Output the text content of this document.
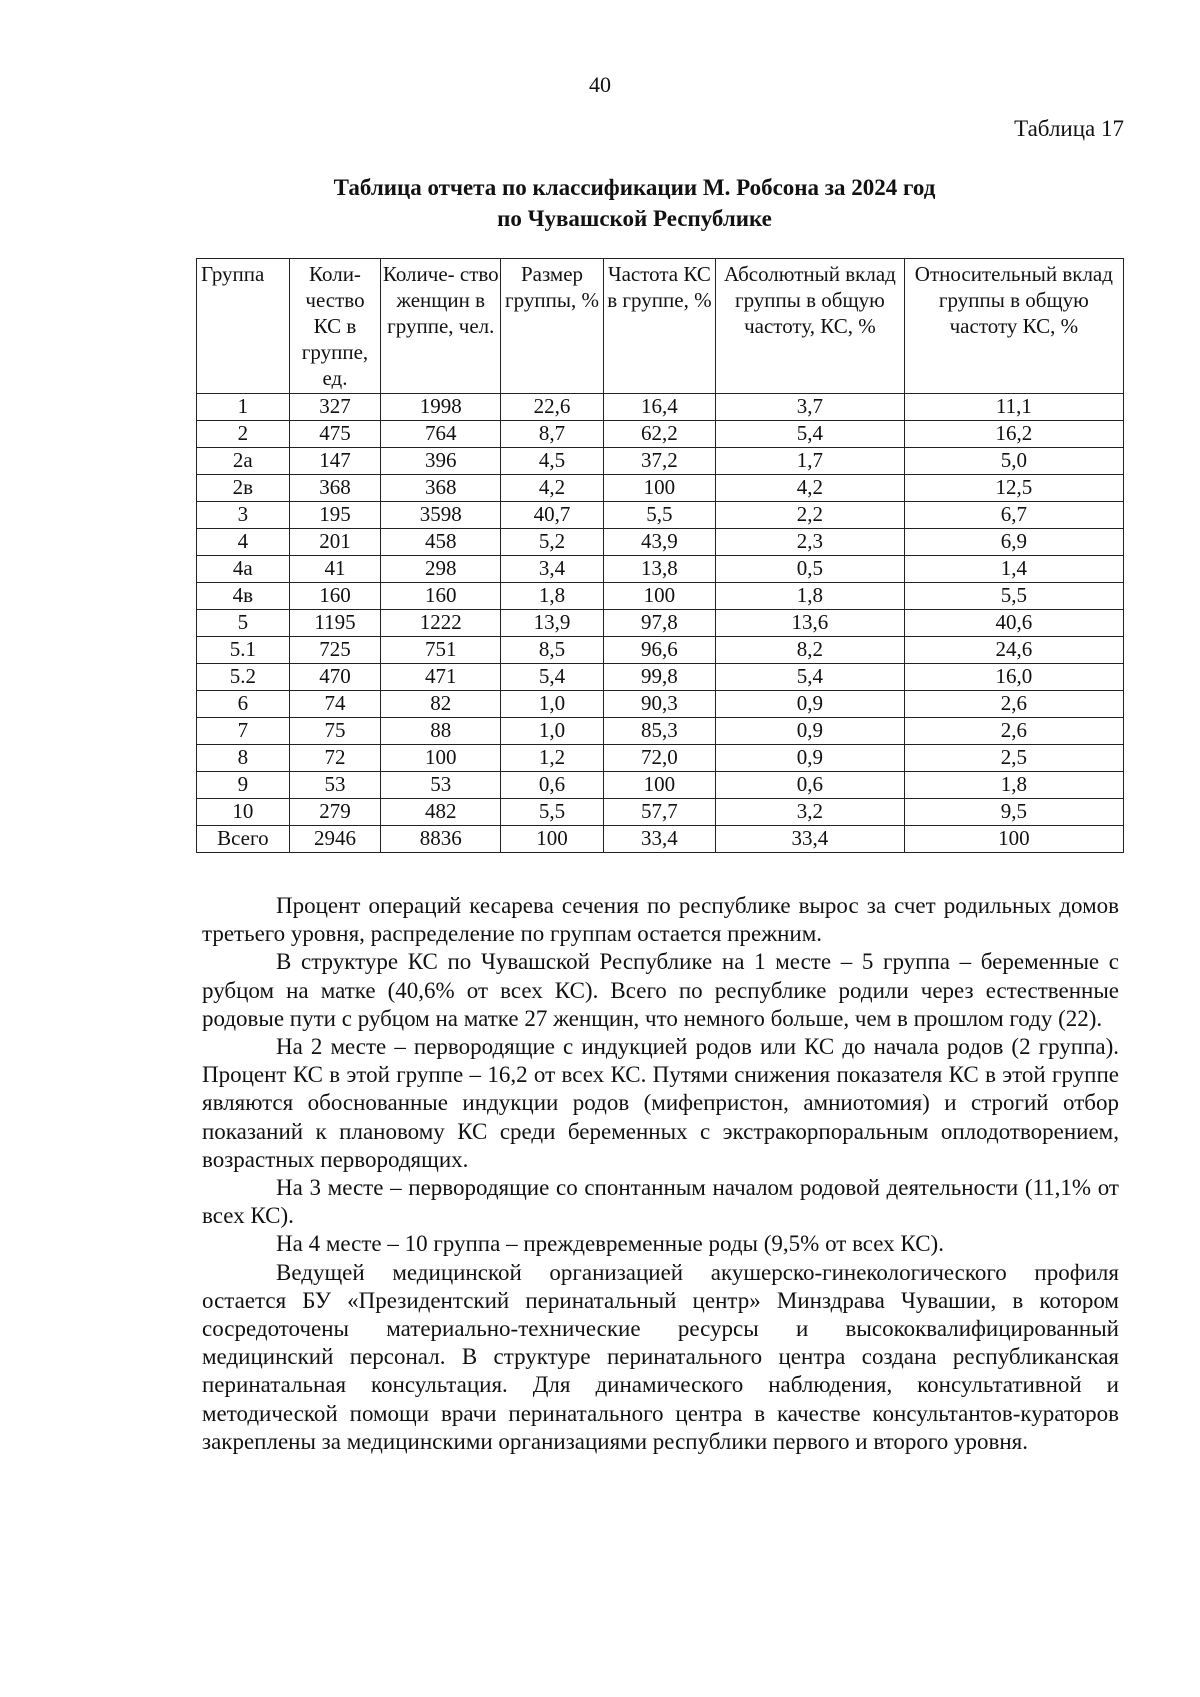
40
Таблица 17
Таблица отчета по классификации М. Робсона за 2024 год
по Чувашской Республике
Группа	Коли- чество КС в группе, ед.	Количе- ство женщин в группе, чел.	Размер группы, %	Частота КС в группе, %	Абсолютный вклад группы в общую частоту, КС, %	Относительный вклад группы в общую частоту КС, %
1	327	1998	22,6	16,4	3,7	11,1
2	475	764	8,7	62,2	5,4	16,2
2а	147	396	4,5	37,2	1,7	5,0
2в	368	368	4,2	100	4,2	12,5
3	195	3598	40,7	5,5	2,2	6,7
4	201	458	5,2	43,9	2,3	6,9
4а	41	298	3,4	13,8	0,5	1,4
4в	160	160	1,8	100	1,8	5,5
5	1195	1222	13,9	97,8	13,6	40,6
5.1	725	751	8,5	96,6	8,2	24,6
5.2	470	471	5,4	99,8	5,4	16,0
6	74	82	1,0	90,3	0,9	2,6
7	75	88	1,0	85,3	0,9	2,6
8	72	100	1,2	72,0	0,9	2,5
9	53	53	0,6	100	0,6	1,8
10	279	482	5,5	57,7	3,2	9,5
Всего	2946	8836	100	33,4	33,4	100

Процент операций кесарева сечения по республике вырос за счет родильных домов третьего уровня, распределение по группам остается прежним.

В структуре КС по Чувашской Республике на 1 месте – 5 группа – беременные с рубцом на матке (40,6% от всех КС). Всего по республике родили через естественные родовые пути с рубцом на матке 27 женщин, что немного больше, чем в прошлом году (22).

На 2 месте – первородящие с индукцией родов или КС до начала родов (2 группа). Процент КС в этой группе – 16,2 от всех КС. Путями снижения показателя КС в этой группе являются обоснованные индукции родов (мифепристон, амниотомия) и строгий отбор показаний к плановому КС среди беременных с экстракорпоральным оплодотворением, возрастных первородящих.

На 3 месте – первородящие со спонтанным началом родовой деятельности (11,1% от всех КС).

На 4 месте – 10 группа – преждевременные роды (9,5% от всех КС).

Ведущей медицинской организацией акушерско-гинекологического профиля остается БУ «Президентский перинатальный центр» Минздрава Чувашии, в котором сосредоточены материально-технические ресурсы и высококвалифицированный медицинский персонал. В структуре перинатального центра создана республиканская перинатальная консультация. Для динамического наблюдения, консультативной и методической помощи врачи перинатального центра в качестве консультантов-кураторов закреплены за медицинскими организациями республики первого и второго уровня.
